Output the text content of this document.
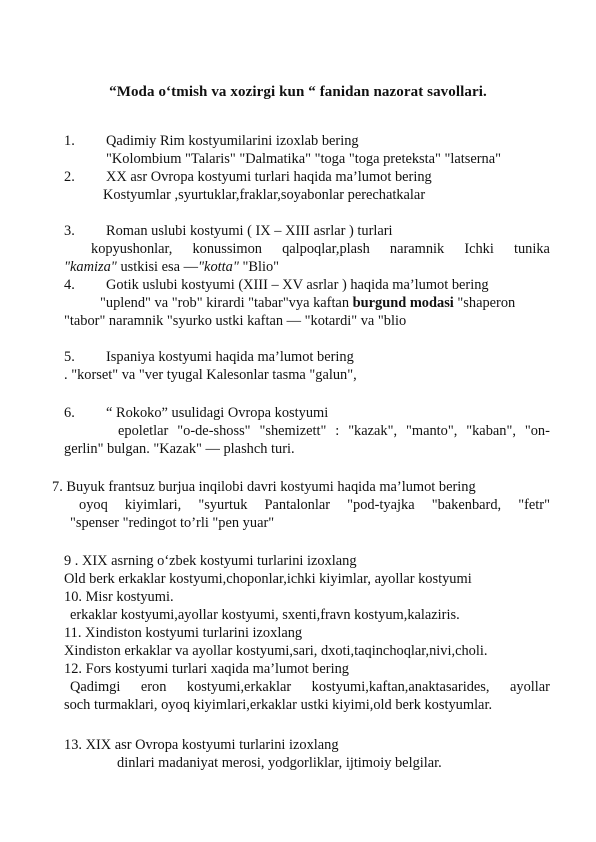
“Moda o‘tmish va xozirgi kun “ fanidan nazorat savollari.
1. Qadimiy Rim kostyumilarini izoxlab bering
"Kolombium "Talaris" "Dalmatika" "toga "toga preteksta" "latserna"
2. XX asr Ovropa kostyumi turlari haqida ma’lumot bering
Kostyumlar ,syurtuklar,fraklar,soyabonlar perechatkalar
3. Roman uslubi kostyumi ( IX – XIII asrlar ) turlari
kopyushonlar, konussimon qalpoqlar,plash naramnik Ichki tunika
"kamiza" ustkisi esa —"kotta" "Blio"
4. Gotik uslubi kostyumi (XIII – XV asrlar ) haqida ma’lumot bering
"uplend" va "rob" kirardi "tabar"vya kaftan burgund modasi "shaperon
"tabor" naramnik "syurko ustki kaftan — "kotardi" va "blio
5. Ispaniya kostyumi haqida ma’lumot bering
. "korset" va "ver tyugal Kalesonlar tasma "galun",
6. “ Rokoko” usulidagi Ovropa kostyumi
epoletlar "o-de-shoss" "shemizett" : "kazak", "manto", "kaban", "on-
gerlin" bulgan. "Kazak" — plashch turi.
7. Buyuk frantsuz burjua inqilobi davri kostyumi haqida ma’lumot bering
oyoq kiyimlari, "syurtuk Pantalonlar "pod-tyajka "bakenbard, "fetr"
"spenser "redingot to’rli "pen yuar"
9 . XIX asrning o‘zbek kostyumi turlarini izoxlang
Old berk erkaklar kostyumi,choponlar,ichki kiyimlar, ayollar kostyumi
10. Misr kostyumi.
erkaklar kostyumi,ayollar kostyumi, sxenti,fravn kostyum,kalaziris.
11. Xindiston kostyumi turlarini izoxlang
Xindiston erkaklar va ayollar kostyumi,sari, dxoti,taqinchoqlar,nivi,choli.
12. Fors kostyumi turlari xaqida ma’lumot bering
Qadimgi eron kostyumi,erkaklar kostyumi,kaftan,anaktasarides, ayollar
soch turmaklari, oyoq kiyimlari,erkaklar ustki kiyimi,old berk kostyumlar.
13. XIX asr Ovropa kostyumi turlarini izoxlang
dinlari madaniyat merosi, yodgorliklar, ijtimoiy belgilar.
